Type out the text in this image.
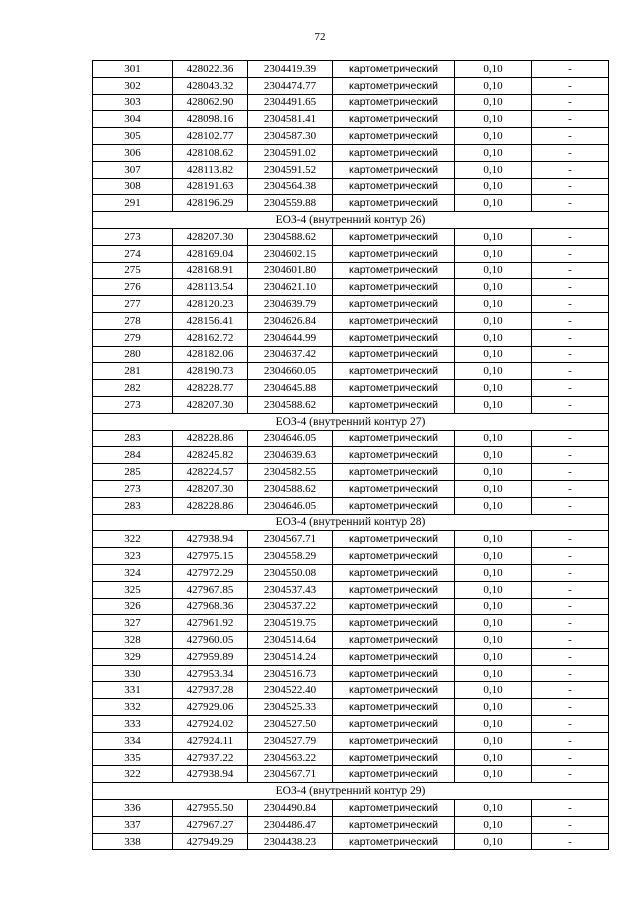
72
301	428022.36	2304419.39	картометрический	0,10	-
302	428043.32	2304474.77	картометрический	0,10	-
303	428062.90	2304491.65	картометрический	0,10	-
304	428098.16	2304581.41	картометрический	0,10	-
305	428102.77	2304587.30	картометрический	0,10	-
306	428108.62	2304591.02	картометрический	0,10	-
307	428113.82	2304591.52	картометрический	0,10	-
308	428191.63	2304564.38	картометрический	0,10	-
291	428196.29	2304559.88	картометрический	0,10	-
ЕОЗ-4 (внутренний контур 26)					
273	428207.30	2304588.62	картометрический	0,10	-
274	428169.04	2304602.15	картометрический	0,10	-
275	428168.91	2304601.80	картометрический	0,10	-
276	428113.54	2304621.10	картометрический	0,10	-
277	428120.23	2304639.79	картометрический	0,10	-
278	428156.41	2304626.84	картометрический	0,10	-
279	428162.72	2304644.99	картометрический	0,10	-
280	428182.06	2304637.42	картометрический	0,10	-
281	428190.73	2304660.05	картометрический	0,10	-
282	428228.77	2304645.88	картометрический	0,10	-
273	428207.30	2304588.62	картометрический	0,10	-
ЕОЗ-4 (внутренний контур 27)					
283	428228.86	2304646.05	картометрический	0,10	-
284	428245.82	2304639.63	картометрический	0,10	-
285	428224.57	2304582.55	картометрический	0,10	-
273	428207.30	2304588.62	картометрический	0,10	-
283	428228.86	2304646.05	картометрический	0,10	-
ЕОЗ-4 (внутренний контур 28)					
322	427938.94	2304567.71	картометрический	0,10	-
323	427975.15	2304558.29	картометрический	0,10	-
324	427972.29	2304550.08	картометрический	0,10	-
325	427967.85	2304537.43	картометрический	0,10	-
326	427968.36	2304537.22	картометрический	0,10	-
327	427961.92	2304519.75	картометрический	0,10	-
328	427960.05	2304514.64	картометрический	0,10	-
329	427959.89	2304514.24	картометрический	0,10	-
330	427953.34	2304516.73	картометрический	0,10	-
331	427937.28	2304522.40	картометрический	0,10	-
332	427929.06	2304525.33	картометрический	0,10	-
333	427924.02	2304527.50	картометрический	0,10	-
334	427924.11	2304527.79	картометрический	0,10	-
335	427937.22	2304563.22	картометрический	0,10	-
322	427938.94	2304567.71	картометрический	0,10	-
ЕОЗ-4 (внутренний контур 29)					
336	427955.50	2304490.84	картометрический	0,10	-
337	427967.27	2304486.47	картометрический	0,10	-
338	427949.29	2304438.23	картометрический	0,10	-
